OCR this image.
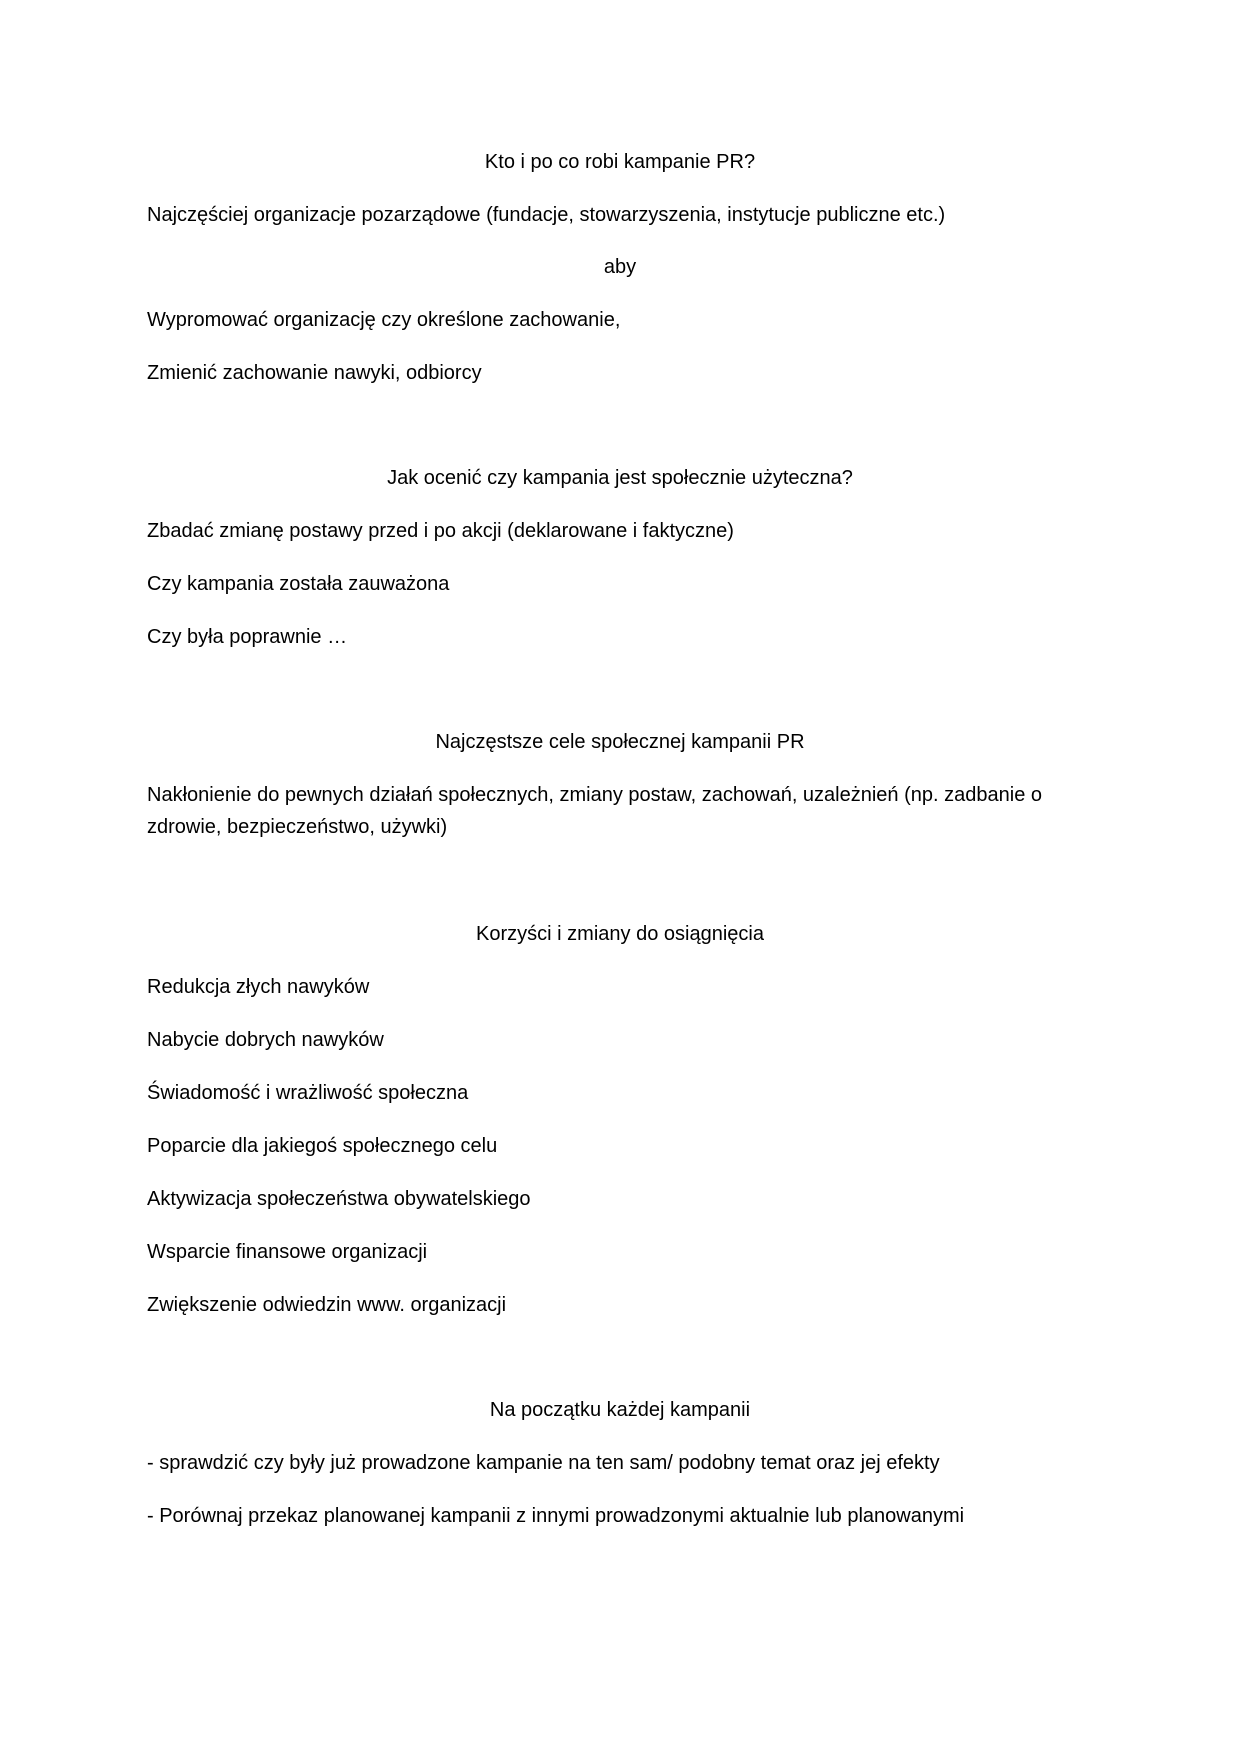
Kto i po co robi kampanie PR?
Najczęściej organizacje pozarządowe (fundacje, stowarzyszenia, instytucje publiczne etc.)
aby
Wypromować organizację czy określone zachowanie,
Zmienić zachowanie nawyki, odbiorcy
Jak ocenić czy kampania jest społecznie użyteczna?
Zbadać zmianę postawy przed i po akcji (deklarowane i faktyczne)
Czy kampania została zauważona
Czy była poprawnie …
Najczęstsze cele społecznej kampanii PR
Nakłonienie do pewnych działań społecznych, zmiany postaw, zachowań, uzależnień (np. zadbanie o zdrowie, bezpieczeństwo, używki)
Korzyści i zmiany do osiągnięcia
Redukcja złych nawyków
Nabycie dobrych nawyków
Świadomość i wrażliwość społeczna
Poparcie dla jakiegoś społecznego celu
Aktywizacja społeczeństwa obywatelskiego
Wsparcie finansowe organizacji
Zwiększenie odwiedzin www. organizacji
Na początku każdej kampanii
- sprawdzić czy były już prowadzone kampanie na ten sam/ podobny temat oraz jej efekty
- Porównaj przekaz planowanej kampanii z innymi prowadzonymi aktualnie lub planowanymi
